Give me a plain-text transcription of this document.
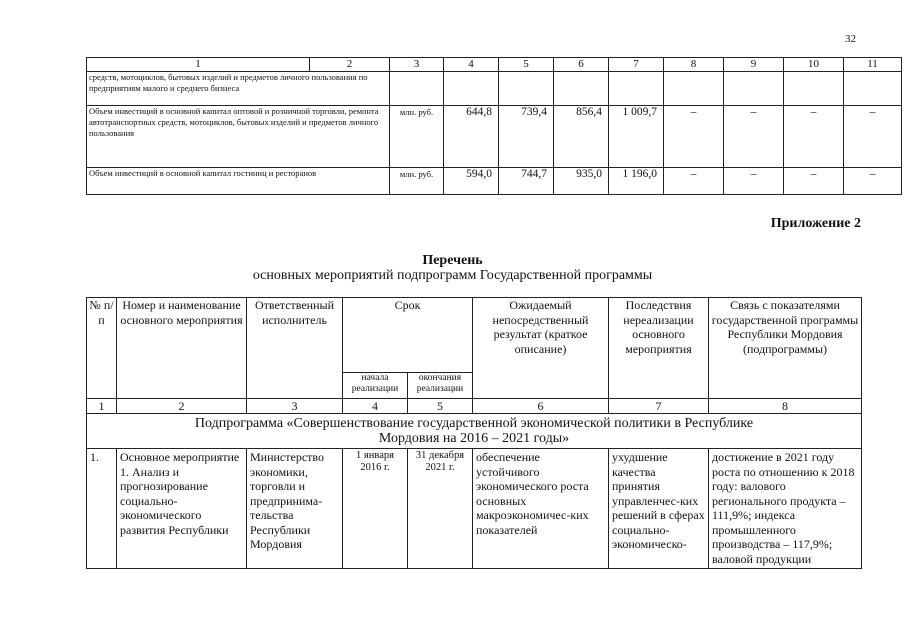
32
1	2	3	4	5	6	7	8	9	10	11
средств, мотоциклов, бытовых изделий и предметов личного пользования по предприятиям малого и среднего бизнеса										
Объем инвестиций в основной капитал оптовой и розничной торговли, ремонта автотранспортных средств, мотоциклов, бытовых изделий и предметов личного пользования		млн. руб.	644,8	739,4	856,4	1 009,7	–	–	–	–
Объем инвестиций в основной капитал гостиниц и ресторанов		млн. руб.	594,0	744,7	935,0	1 196,0	–	–	–	–
Приложение 2
Перечень
основных мероприятий подпрограмм Государственной программы
№ п/п	Номер и наименование основного мероприятия	Ответственный исполнитель	Срок		Ожидаемый непосредственный результат (краткое описание)	Последствия нереализации основного мероприятия	Связь с показателями государственной программы Республики Мордовия (подпрограммы)
			начала реализации	окончания реализации			
1	2	3	4	5	6	7	8
Подпрограмма «Совершенствование государственной экономической политики в Республике Мордовия на 2016 – 2021 годы»							
1.	Основное мероприятие 1. Анализ и прогнозирование социально-экономического развития Республики	Министерство экономики, торговли и предпринима-тельства Республики Мордовия	1 января 2016 г.	31 декабря 2021 г.	обеспечение устойчивого экономического роста основных макроэкономичес-ких показателей	ухудшение качества принятия управленчес-ких решений в сферах социально-экономическо-	достижение в 2021 году роста по отношению к 2018 году: валового регионального продукта – 111,9%; индекса промышленного производства – 117,9%; валовой продукции
